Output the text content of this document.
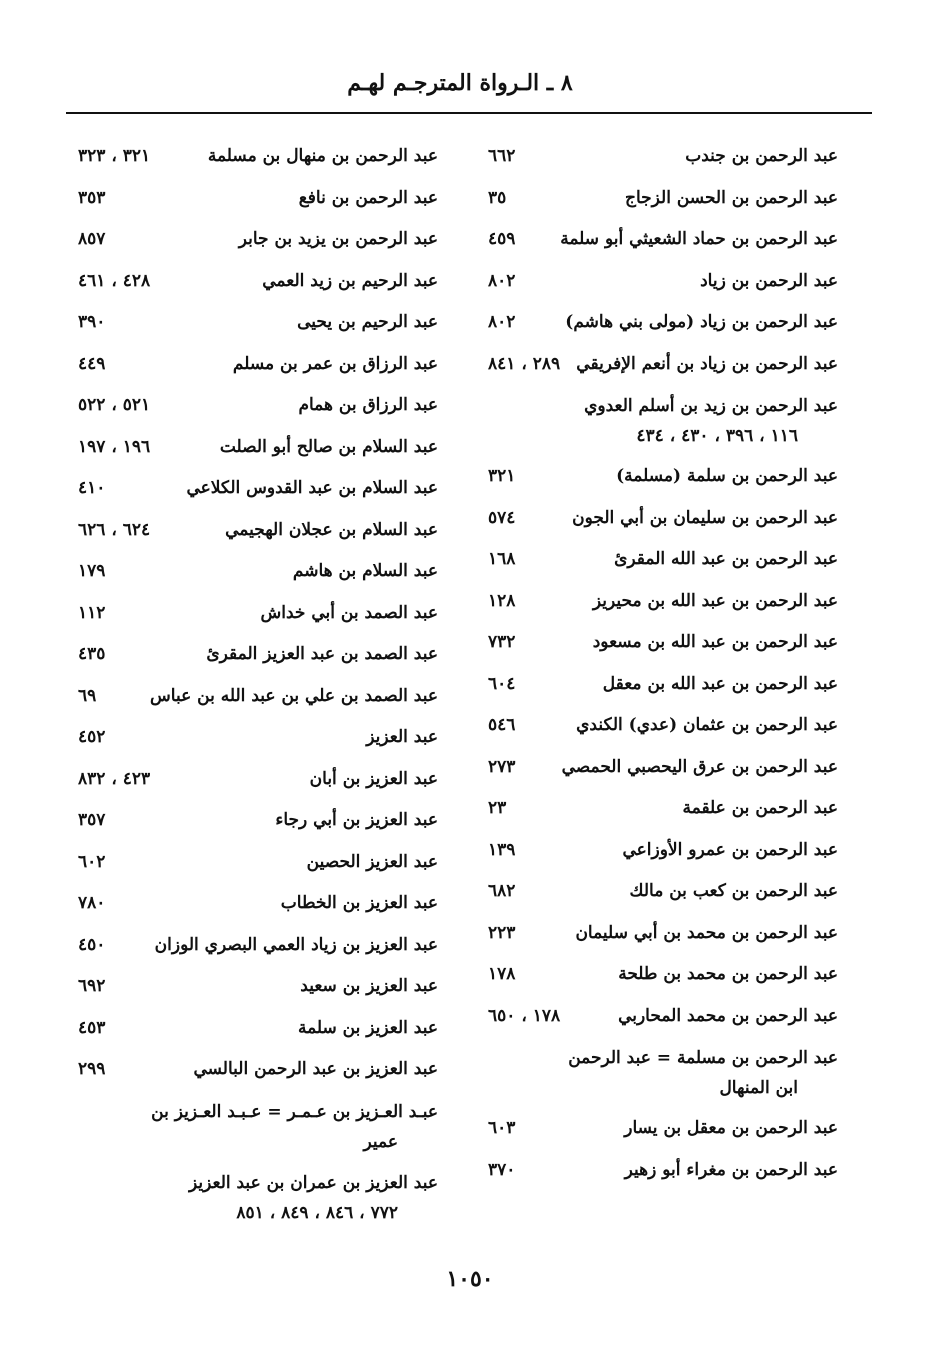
٨ ـ الـرواة المترجـم لهـم
عبد الرحمن بن جندب
٦٦٢
عبد الرحمن بن الحسن الزجاج
٣٥
عبد الرحمن بن حماد الشعيثي أبو سلمة
٤٥٩
عبد الرحمن بن زياد
٨٠٢
عبد الرحمن بن زياد (مولى بني هاشم)
٨٠٢
عبد الرحمن بن زياد بن أنعم الإفريقي
٢٨٩ ، ٨٤١
عبد الرحمن بن زيد بن أسلم العدوي
١١٦ ، ٣٩٦ ، ٤٣٠ ، ٤٣٤
عبد الرحمن بن سلمة (مسلمة)
٣٢١
عبد الرحمن بن سليمان بن أبي الجون
٥٧٤
عبد الرحمن بن عبد الله المقرئ
١٦٨
عبد الرحمن بن عبد الله بن محيريز
١٢٨
عبد الرحمن بن عبد الله بن مسعود
٧٣٢
عبد الرحمن بن عبد الله بن معقل
٦٠٤
عبد الرحمن بن عثمان (عدي) الكندي
٥٤٦
عبد الرحمن بن عرق اليحصبي الحمصي
٢٧٣
عبد الرحمن بن علقمة
٢٣
عبد الرحمن بن عمرو الأوزاعي
١٣٩
عبد الرحمن بن كعب بن مالك
٦٨٢
عبد الرحمن بن محمد بن أبي سليمان
٢٢٣
عبد الرحمن بن محمد بن طلحة
١٧٨
عبد الرحمن بن محمد المحاربي
١٧٨ ، ٦٥٠
عبد الرحمن بن مسلمة = عبد الرحمن
ابن المنهال
عبد الرحمن بن معقل بن يسار
٦٠٣
عبد الرحمن بن مغراء أبو زهير
٣٧٠
عبد الرحمن بن منهال بن مسلمة
٣٢١ ، ٣٢٣
عبد الرحمن بن نافع
٣٥٣
عبد الرحمن بن يزيد بن جابر
٨٥٧
عبد الرحيم بن زيد العمي
٤٢٨ ، ٤٦١
عبد الرحيم بن يحيى
٣٩٠
عبد الرزاق بن عمر بن مسلم
٤٤٩
عبد الرزاق بن همام
٥٢١ ، ٥٢٢
عبد السلام بن صالح أبو الصلت
١٩٦ ، ١٩٧
عبد السلام بن عبد القدوس الكلاعي
٤١٠
عبد السلام بن عجلان الهجيمي
٦٢٤ ، ٦٢٦
عبد السلام بن هاشم
١٧٩
عبد الصمد بن أبي خداش
١١٢
عبد الصمد بن عبد العزيز المقرئ
٤٣٥
عبد الصمد بن علي بن عبد الله بن عباس
٦٩
عبد العزيز
٤٥٢
عبد العزيز بن أبان
٤٢٣ ، ٨٣٢
عبد العزيز بن أبي رجاء
٣٥٧
عبد العزيز الحصين
٦٠٢
عبد العزيز بن الخطاب
٧٨٠
عبد العزيز بن زياد العمي البصري الوزان
٤٥٠
عبد العزيز بن سعيد
٦٩٢
عبد العزيز بن سلمة
٤٥٣
عبد العزيز بن عبد الرحمن البالسي
٢٩٩
عبـد العـزيز بن عـمـر = عـبـد العـزيز بن
عمير
عبد العزيز بن عمران بن عبد العزيز
٧٧٢ ، ٨٤٦ ، ٨٤٩ ، ٨٥١
١٠٥٠
